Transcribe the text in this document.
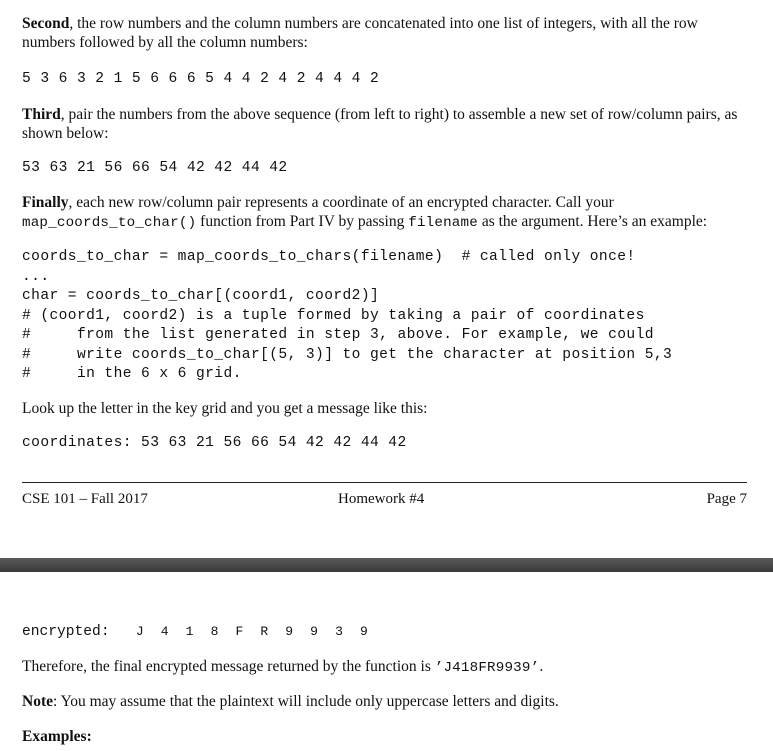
Second, the row numbers and the column numbers are concatenated into one list of integers, with all the row numbers followed by all the column numbers:

5 3 6 3 2 1 5 6 6 6 5 4 4 2 4 2 4 4 4 2

Third, pair the numbers from the above sequence (from left to right) to assemble a new set of row/column pairs, as shown below:

53 63 21 56 66 54 42 42 44 42

Finally, each new row/column pair represents a coordinate of an encrypted character. Call your
map_coords_to_char() function from Part IV by passing filename as the argument. Here’s an example:

coords_to_char = map_coords_to_chars(filename)  # called only once!
...
char = coords_to_char[(coord1, coord2)]
# (coord1, coord2) is a tuple formed by taking a pair of coordinates
#     from the list generated in step 3, above. For example, we could
#     write coords_to_char[(5, 3)] to get the character at position 5,3
#     in the 6 x 6 grid.

Look up the letter in the key grid and you get a message like this:

coordinates: 53 63 21 56 66 54 42 42 44 42
CSE 101 – Fall 2017	Homework #4	Page 7
encrypted: J  4  1  8  F  R  9  9  3  9

Therefore, the final encrypted message returned by the function is ’J418FR9939’.

Note: You may assume that the plaintext will include only uppercase letters and digits.

Examples:
